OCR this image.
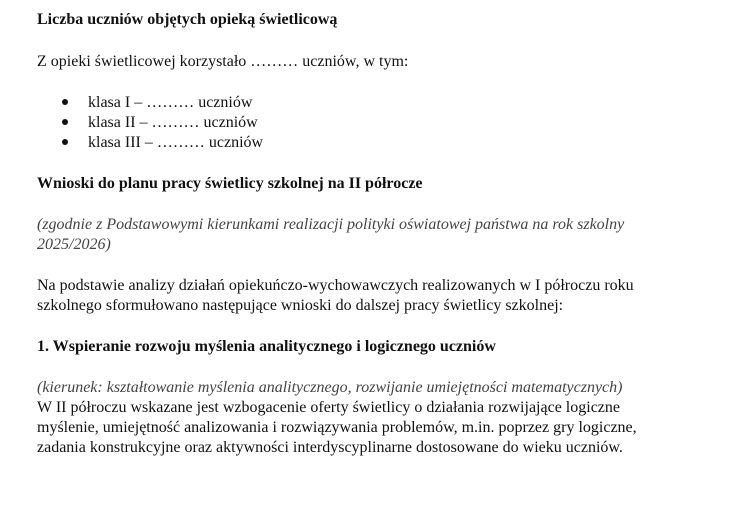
Liczba uczniów objętych opieką świetlicową

Z opieki świetlicowej korzystało ……… uczniów, w tym:

klasa I – ……… uczniów
klasa II – ……… uczniów
klasa III – ……… uczniów

Wnioski do planu pracy świetlicy szkolnej na II półrocze

(zgodnie z Podstawowymi kierunkami realizacji polityki oświatowej państwa na rok szkolny

2025/2026)

Na podstawie analizy działań opiekuńczo-wychowawczych realizowanych w I półroczu roku

szkolnego sformułowano następujące wnioski do dalszej pracy świetlicy szkolnej:

1. Wspieranie rozwoju myślenia analitycznego i logicznego uczniów

(kierunek: kształtowanie myślenia analitycznego, rozwijanie umiejętności matematycznych)

W II półroczu wskazane jest wzbogacenie oferty świetlicy o działania rozwijające logiczne

myślenie, umiejętność analizowania i rozwiązywania problemów, m.in. poprzez gry logiczne,

zadania konstrukcyjne oraz aktywności interdyscyplinarne dostosowane do wieku uczniów.
